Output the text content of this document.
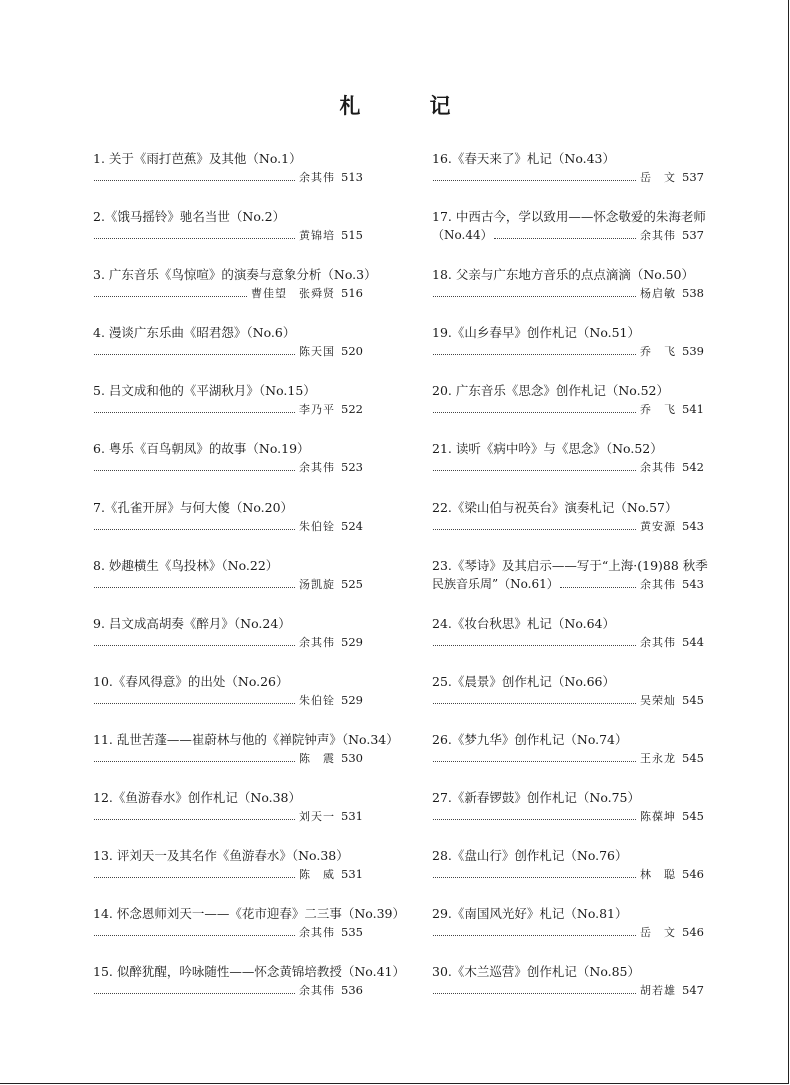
札　记
1. 关于《雨打芭蕉》及其他（No.1）
余其伟 513
2.《饿马摇铃》驰名当世（No.2）
黄锦培 515
3. 广东音乐《鸟惊喧》的演奏与意象分析（No.3）
曹佳望　张舜贤 516
4. 漫谈广东乐曲《昭君怨》（No.6）
陈天国 520
5. 吕文成和他的《平湖秋月》（No.15）
李乃平 522
6. 粤乐《百鸟朝凤》的故事（No.19）
余其伟 523
7.《孔雀开屏》与何大傻（No.20）
朱伯铨 524
8. 妙趣横生《鸟投林》（No.22）
汤凯旋 525
9. 吕文成高胡奏《醉月》（No.24）
余其伟 529
10.《春风得意》的出处（No.26）
朱伯铨 529
11. 乱世苦蓬——崔蔚林与他的《禅院钟声》（No.34）
陈　震 530
12.《鱼游春水》创作札记（No.38）
刘天一 531
13. 评刘天一及其名作《鱼游春水》（No.38）
陈　威 531
14. 怀念恩师刘天一——《花市迎春》二三事（No.39）
余其伟 535
15. 似醉犹醒，吟咏随性——怀念黄锦培教授（No.41）
余其伟 536
16.《春天来了》札记（No.43）
岳　文 537
17. 中西古今，学以致用——怀念敬爱的朱海老师
（No.44）	余其伟 537
18. 父亲与广东地方音乐的点点滴滴（No.50）
杨启敏 538
19.《山乡春早》创作札记（No.51）
乔　飞 539
20. 广东音乐《思念》创作札记（No.52）
乔　飞 541
21. 读听《病中吟》与《思念》（No.52）
余其伟 542
22.《梁山伯与祝英台》演奏札记（No.57）
黄安源 543
23.《琴诗》及其启示——写于“上海·(19)88 秋季
民族音乐周”（No.61）	余其伟 543
24.《妆台秋思》札记（No.64）
余其伟 544
25.《晨景》创作札记（No.66）
吴荣灿 545
26.《梦九华》创作札记（No.74）
王永龙 545
27.《新春锣鼓》创作札记（No.75）
陈葆坤 545
28.《盘山行》创作札记（No.76）
林　聪 546
29.《南国风光好》札记（No.81）
岳　文 546
30.《木兰巡营》创作札记（No.85）
胡若雄 547
